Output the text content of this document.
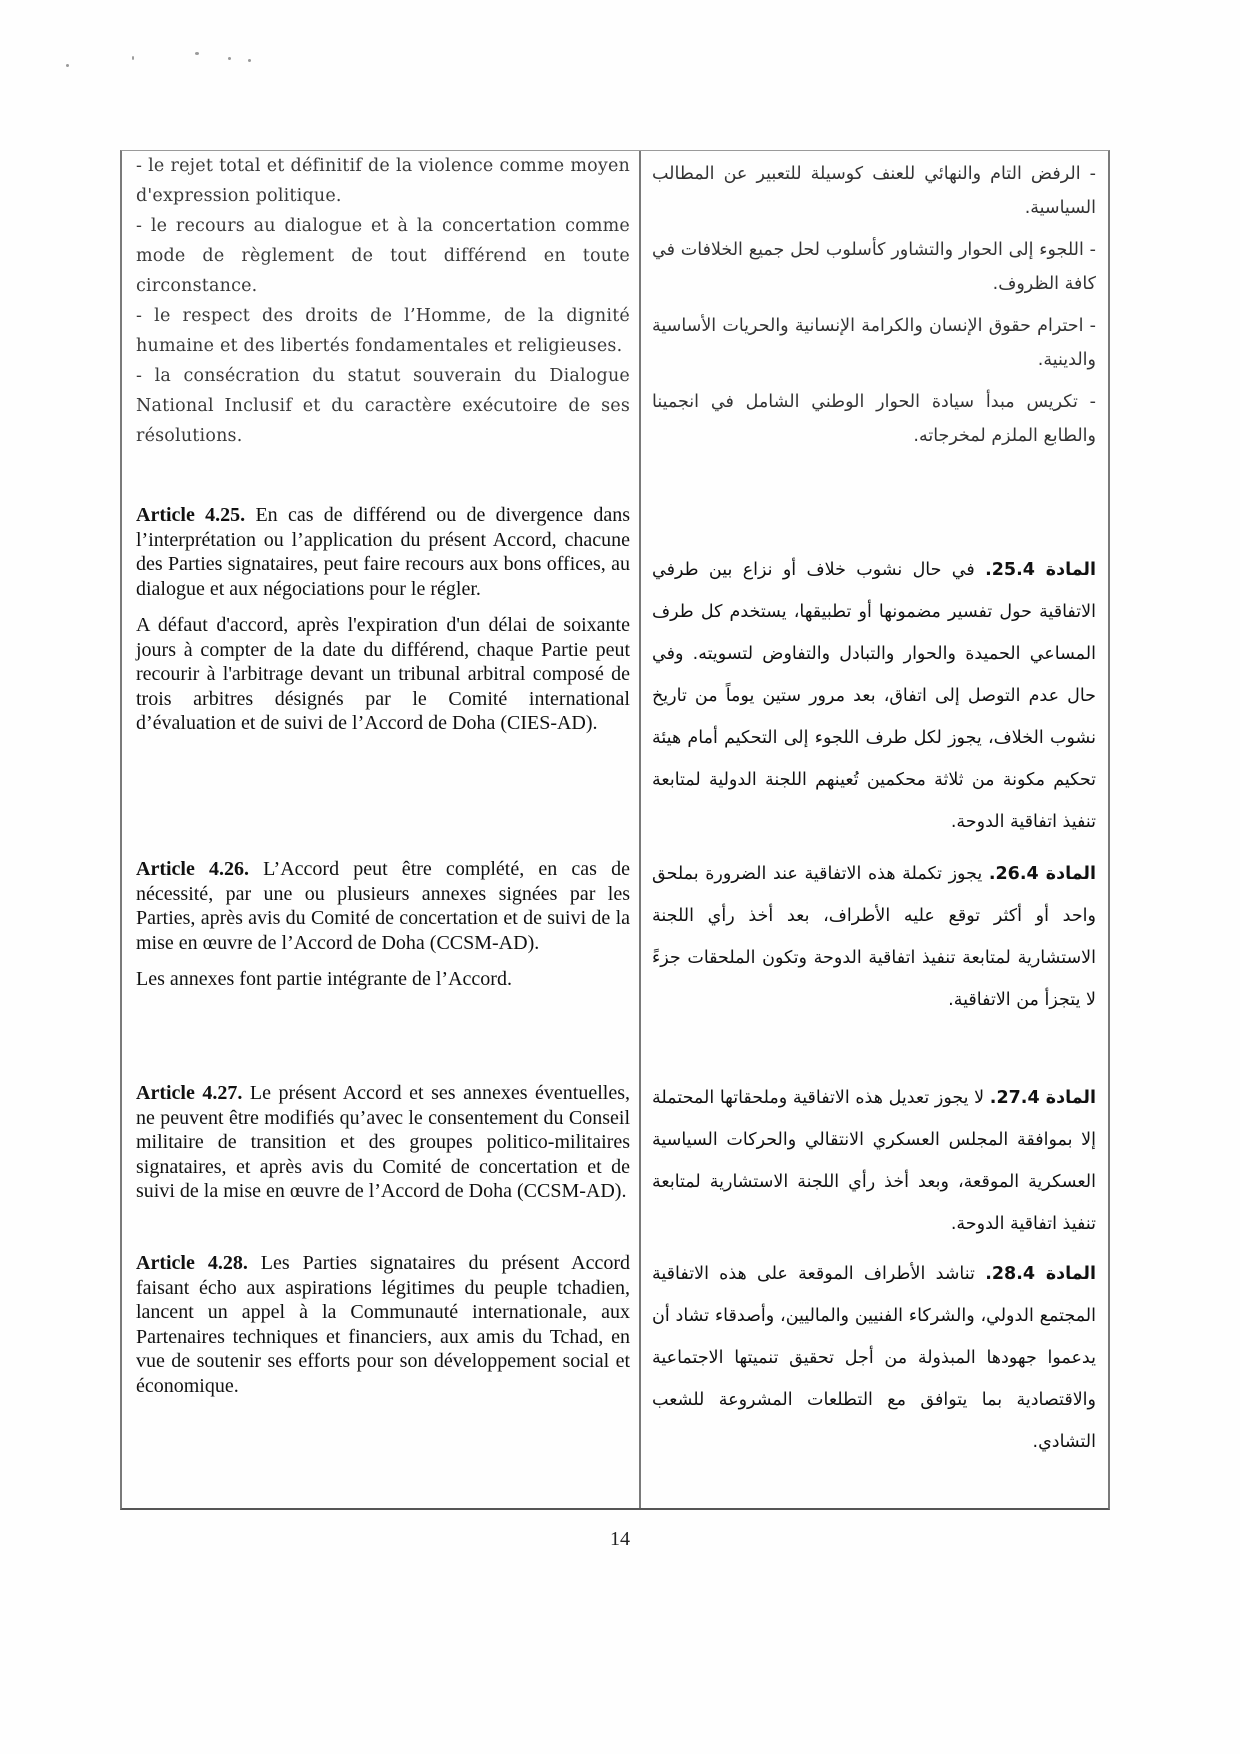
- le rejet total et définitif de la violence comme moyen d'expression politique.

- le recours au dialogue et à la concertation comme mode de règlement de tout différend en toute circonstance.

- le respect des droits de l’Homme, de la dignité humaine et des libertés fondamentales et religieuses.

- la consécration du statut souverain du Dialogue National Inclusif et du caractère exécutoire de ses résolutions.

- الرفض التام والنهائي للعنف كوسيلة للتعبير عن المطالب السياسية.

- اللجوء إلى الحوار والتشاور كأسلوب لحل جميع الخلافات في كافة الظروف.

- احترام حقوق الإنسان والكرامة الإنسانية والحريات الأساسية والدينية.

- تكريس مبدأ سيادة الحوار الوطني الشامل في انجمينا والطابع الملزم لمخرجاته.

Article 4.25. En cas de différend ou de divergence dans l’interprétation ou l’application du présent Accord, chacune des Parties signataires, peut faire recours aux bons offices, au dialogue et aux négociations pour le régler.

A défaut d'accord, après l'expiration d'un délai de soixante jours à compter de la date du différend, chaque Partie peut recourir à l'arbitrage devant un tribunal arbitral composé de trois arbitres désignés par le Comité international d’évaluation et de suivi de l’Accord de Doha (CIES-AD).

المادة 25.4. في حال نشوب خلاف أو نزاع بين طرفي الاتفاقية حول تفسير مضمونها أو تطبيقها، يستخدم كل طرف المساعي الحميدة والحوار والتبادل والتفاوض لتسويته. وفي حال عدم التوصل إلى اتفاق، بعد مرور ستين يوماً من تاريخ نشوب الخلاف، يجوز لكل طرف اللجوء إلى التحكيم أمام هيئة تحكيم مكونة من ثلاثة محكمين تُعينهم اللجنة الدولية لمتابعة تنفيذ اتفاقية الدوحة.

Article 4.26. L’Accord peut être complété, en cas de nécessité, par une ou plusieurs annexes signées par les Parties, après avis du Comité de concertation et de suivi de la mise en œuvre de l’Accord de Doha (CCSM-AD).

Les annexes font partie intégrante de l’Accord.

المادة 26.4. يجوز تكملة هذه الاتفاقية عند الضرورة بملحق واحد أو أكثر توقع عليه الأطراف، بعد أخذ رأي اللجنة الاستشارية لمتابعة تنفيذ اتفاقية الدوحة وتكون الملحقات جزءً لا يتجزأ من الاتفاقية.

Article 4.27. Le présent Accord et ses annexes éventuelles, ne peuvent être modifiés qu’avec le consentement du Conseil militaire de transition et des groupes politico-militaires signataires, et après avis du Comité de concertation et de suivi de la mise en œuvre de l’Accord de Doha (CCSM-AD).

المادة 27.4. لا يجوز تعديل هذه الاتفاقية وملحقاتها المحتملة إلا بموافقة المجلس العسكري الانتقالي والحركات السياسية العسكرية الموقعة، وبعد أخذ رأي اللجنة الاستشارية لمتابعة تنفيذ اتفاقية الدوحة.

Article 4.28. Les Parties signataires du présent Accord faisant écho aux aspirations légitimes du peuple tchadien, lancent un appel à la Communauté internationale, aux Partenaires techniques et financiers, aux amis du Tchad, en vue de soutenir ses efforts pour son développement social et économique.

المادة 28.4. تناشد الأطراف الموقعة على هذه الاتفاقية المجتمع الدولي، والشركاء الفنيين والماليين، وأصدقاء تشاد أن يدعموا جهودها المبذولة من أجل تحقيق تنميتها الاجتماعية والاقتصادية بما يتوافق مع التطلعات المشروعة للشعب التشادي.

14
